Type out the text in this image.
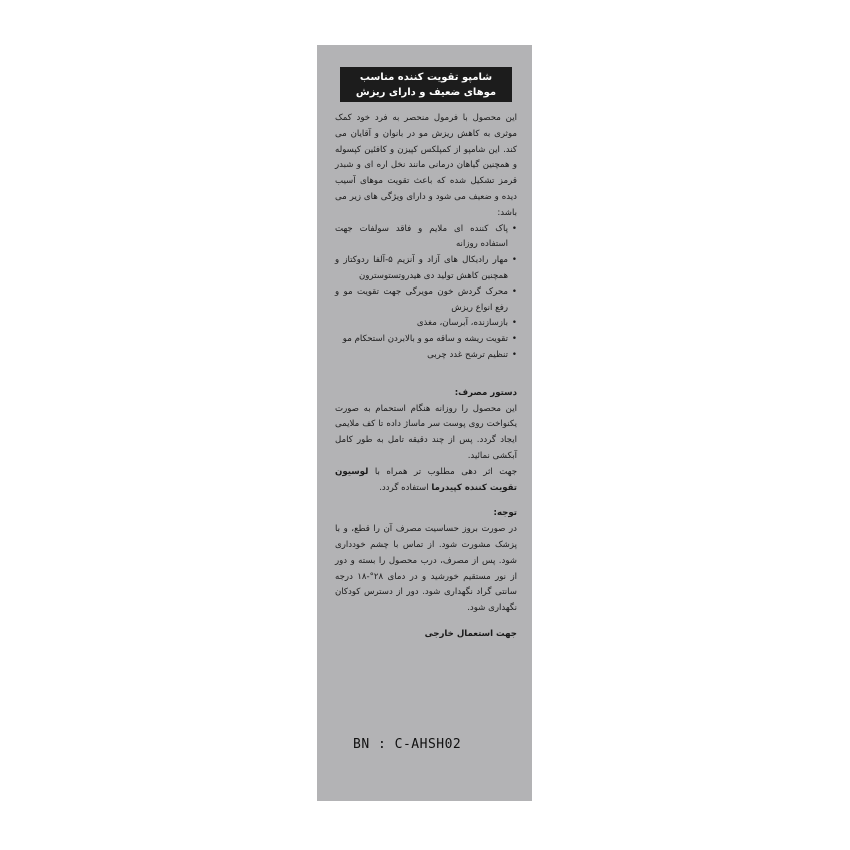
شامپو تقویت کننده مناسب
موهای ضعیف و دارای ریزش

این محصول با فرمول منحصر به فرد خود کمک موثری به کاهش ریزش مو در بانوان و آقایان می کند. این شامپو از کمپلکس کپیزن و کافئین کپسوله و همچنین گیاهان درمانی مانند نخل اره ای و شبدر قرمز تشکیل شده که باعث تقویت موهای آسیب دیده و ضعیف می شود و دارای ویژگی های زیر می باشد:

• پاک کننده ای ملایم و فاقد سولفات جهت استفاده روزانه
• مهار رادیکال های آزاد و آنزیم ۵-آلفا ردوکتاز و همچنین کاهش تولید دی هیدروتستوسترون
• محرک گردش خون مویرگی جهت تقویت مو و رفع انواع ریزش
• بازسازنده، آبرسان، مغذی
• تقویت ریشه و ساقه مو و بالابردن استحکام مو
• تنظیم ترشح غدد چربی

دستور مصرف:

این محصول را روزانه هنگام استحمام به صورت یکنواخت روی پوست سر ماساژ داده تا کف ملایمی ایجاد گردد. پس از چند دقیقه تامل به طور کامل آبکشی نمائید.

جهت اثر دهی مطلوب تر همراه با لوسیون تقویت کننده کپیدرما استفاده گردد.

توجه:

در صورت بروز حساسیت مصرف آن را قطع، و با پزشک مشورت شود. از تماس با چشم خودداری شود. پس از مصرف، درب محصول را بسته و دور از نور مستقیم خورشید و در دمای ۲۸°-۱۸ درجه سانتی گراد نگهداری شود. دور از دسترس کودکان نگهداری شود.

جهت استعمال خارجی

BN : C-AHSH02
